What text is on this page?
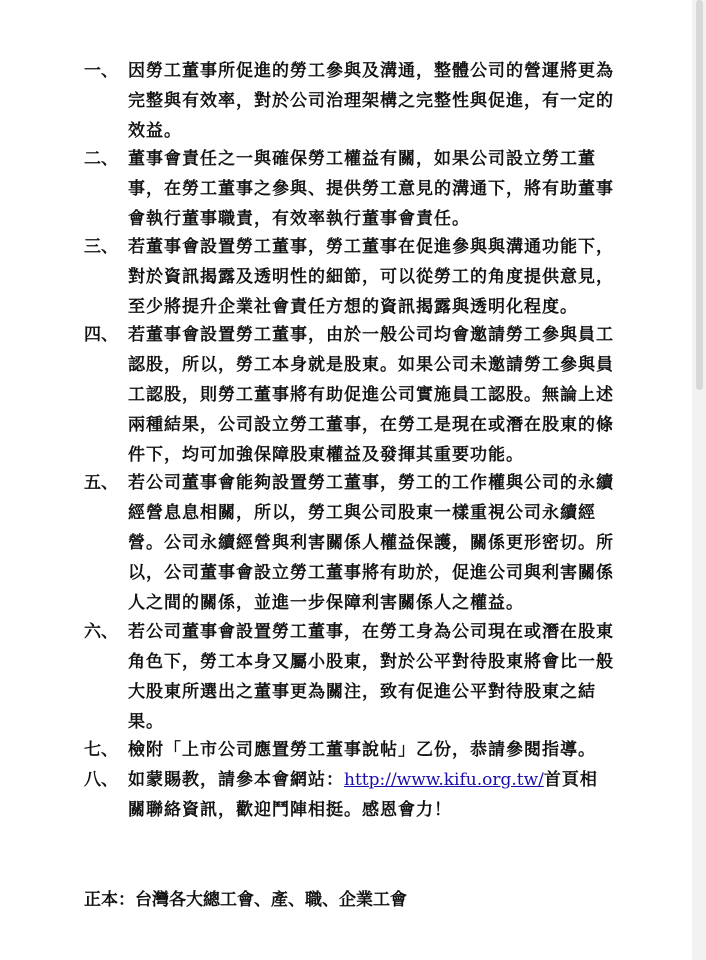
一、 因勞工董事所促進的勞工參與及溝通，整體公司的營運將更為
完整與有效率，對於公司治理架構之完整性與促進，有一定的
效益。
二、 董事會責任之一與確保勞工權益有關，如果公司設立勞工董
事，在勞工董事之參與、提供勞工意見的溝通下，將有助董事
會執行董事職責，有效率執行董事會責任。
三、 若董事會設置勞工董事，勞工董事在促進參與與溝通功能下，
對於資訊揭露及透明性的細節，可以從勞工的角度提供意見，
至少將提升企業社會責任方想的資訊揭露與透明化程度。
四、 若董事會設置勞工董事，由於一般公司均會邀請勞工參與員工
認股，所以，勞工本身就是股東。如果公司未邀請勞工參與員
工認股，則勞工董事將有助促進公司實施員工認股。無論上述
兩種結果，公司設立勞工董事，在勞工是現在或潛在股東的條
件下，均可加強保障股東權益及發揮其重要功能。
五、 若公司董事會能夠設置勞工董事，勞工的工作權與公司的永續
經營息息相關，所以，勞工與公司股東一樣重視公司永續經
營。公司永續經營與利害關係人權益保護，關係更形密切。所
以，公司董事會設立勞工董事將有助於，促進公司與利害關係
人之間的關係，並進一步保障利害關係人之權益。
六、 若公司董事會設置勞工董事，在勞工身為公司現在或潛在股東
角色下，勞工本身又屬小股東，對於公平對待股東將會比一般
大股東所選出之董事更為關注，致有促進公平對待股東之結
果。
七、 檢附「上市公司應置勞工董事說帖」乙份，恭請參閱指導。
八、 如蒙賜教，請參本會網站：http://www.kifu.org.tw/首頁相
關聯絡資訊，歡迎鬥陣相挺。感恩會力！
正本：台灣各大總工會、產、職、企業工會
